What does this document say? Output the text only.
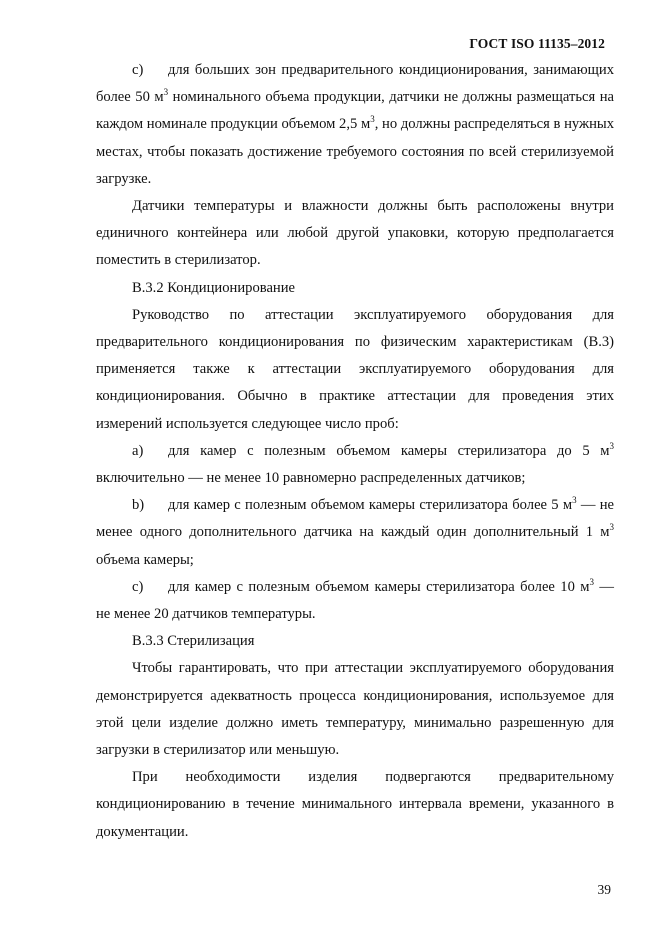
ГОСТ ISO 11135–2012

c) для больших зон предварительного кондиционирования, занимающих более 50 $м^3$ номинального объема продукции, датчики не должны размещаться на каждом номинале продукции объемом 2,5 $м^3$, но должны распределяться в нужных местах, чтобы показать достижение требуемого состояния по всей стерилизуемой загрузке.

Датчики температуры и влажности должны быть расположены внутри единичного контейнера или любой другой упаковки, которую предполагается поместить в стерилизатор.

В.3.2 Кондиционирование

Руководство по аттестации эксплуатируемого оборудования для предварительного кондиционирования по физическим характеристикам (В.3) применяется также к аттестации эксплуатируемого оборудования для кондиционирования. Обычно в практике аттестации для проведения этих измерений используется следующее число проб:

а) для камер с полезным объемом камеры стерилизатора до 5 $м^3$ включительно — не менее 10 равномерно распределенных датчиков;

b) для камер с полезным объемом камеры стерилизатора более 5 $м^3$ — не менее одного дополнительного датчика на каждый один дополнительный 1 $м^3$ объема камеры;

с) для камер с полезным объемом камеры стерилизатора более 10 $м^3$ — не менее 20 датчиков температуры.

В.3.3 Стерилизация

Чтобы гарантировать, что при аттестации эксплуатируемого оборудования демонстрируется адекватность процесса кондиционирования, используемое для этой цели изделие должно иметь температуру, минимально разрешенную для загрузки в стерилизатор или меньшую.

При необходимости изделия подвергаются предварительному кондиционированию в течение минимального интервала времени, указанного в документации.

39
